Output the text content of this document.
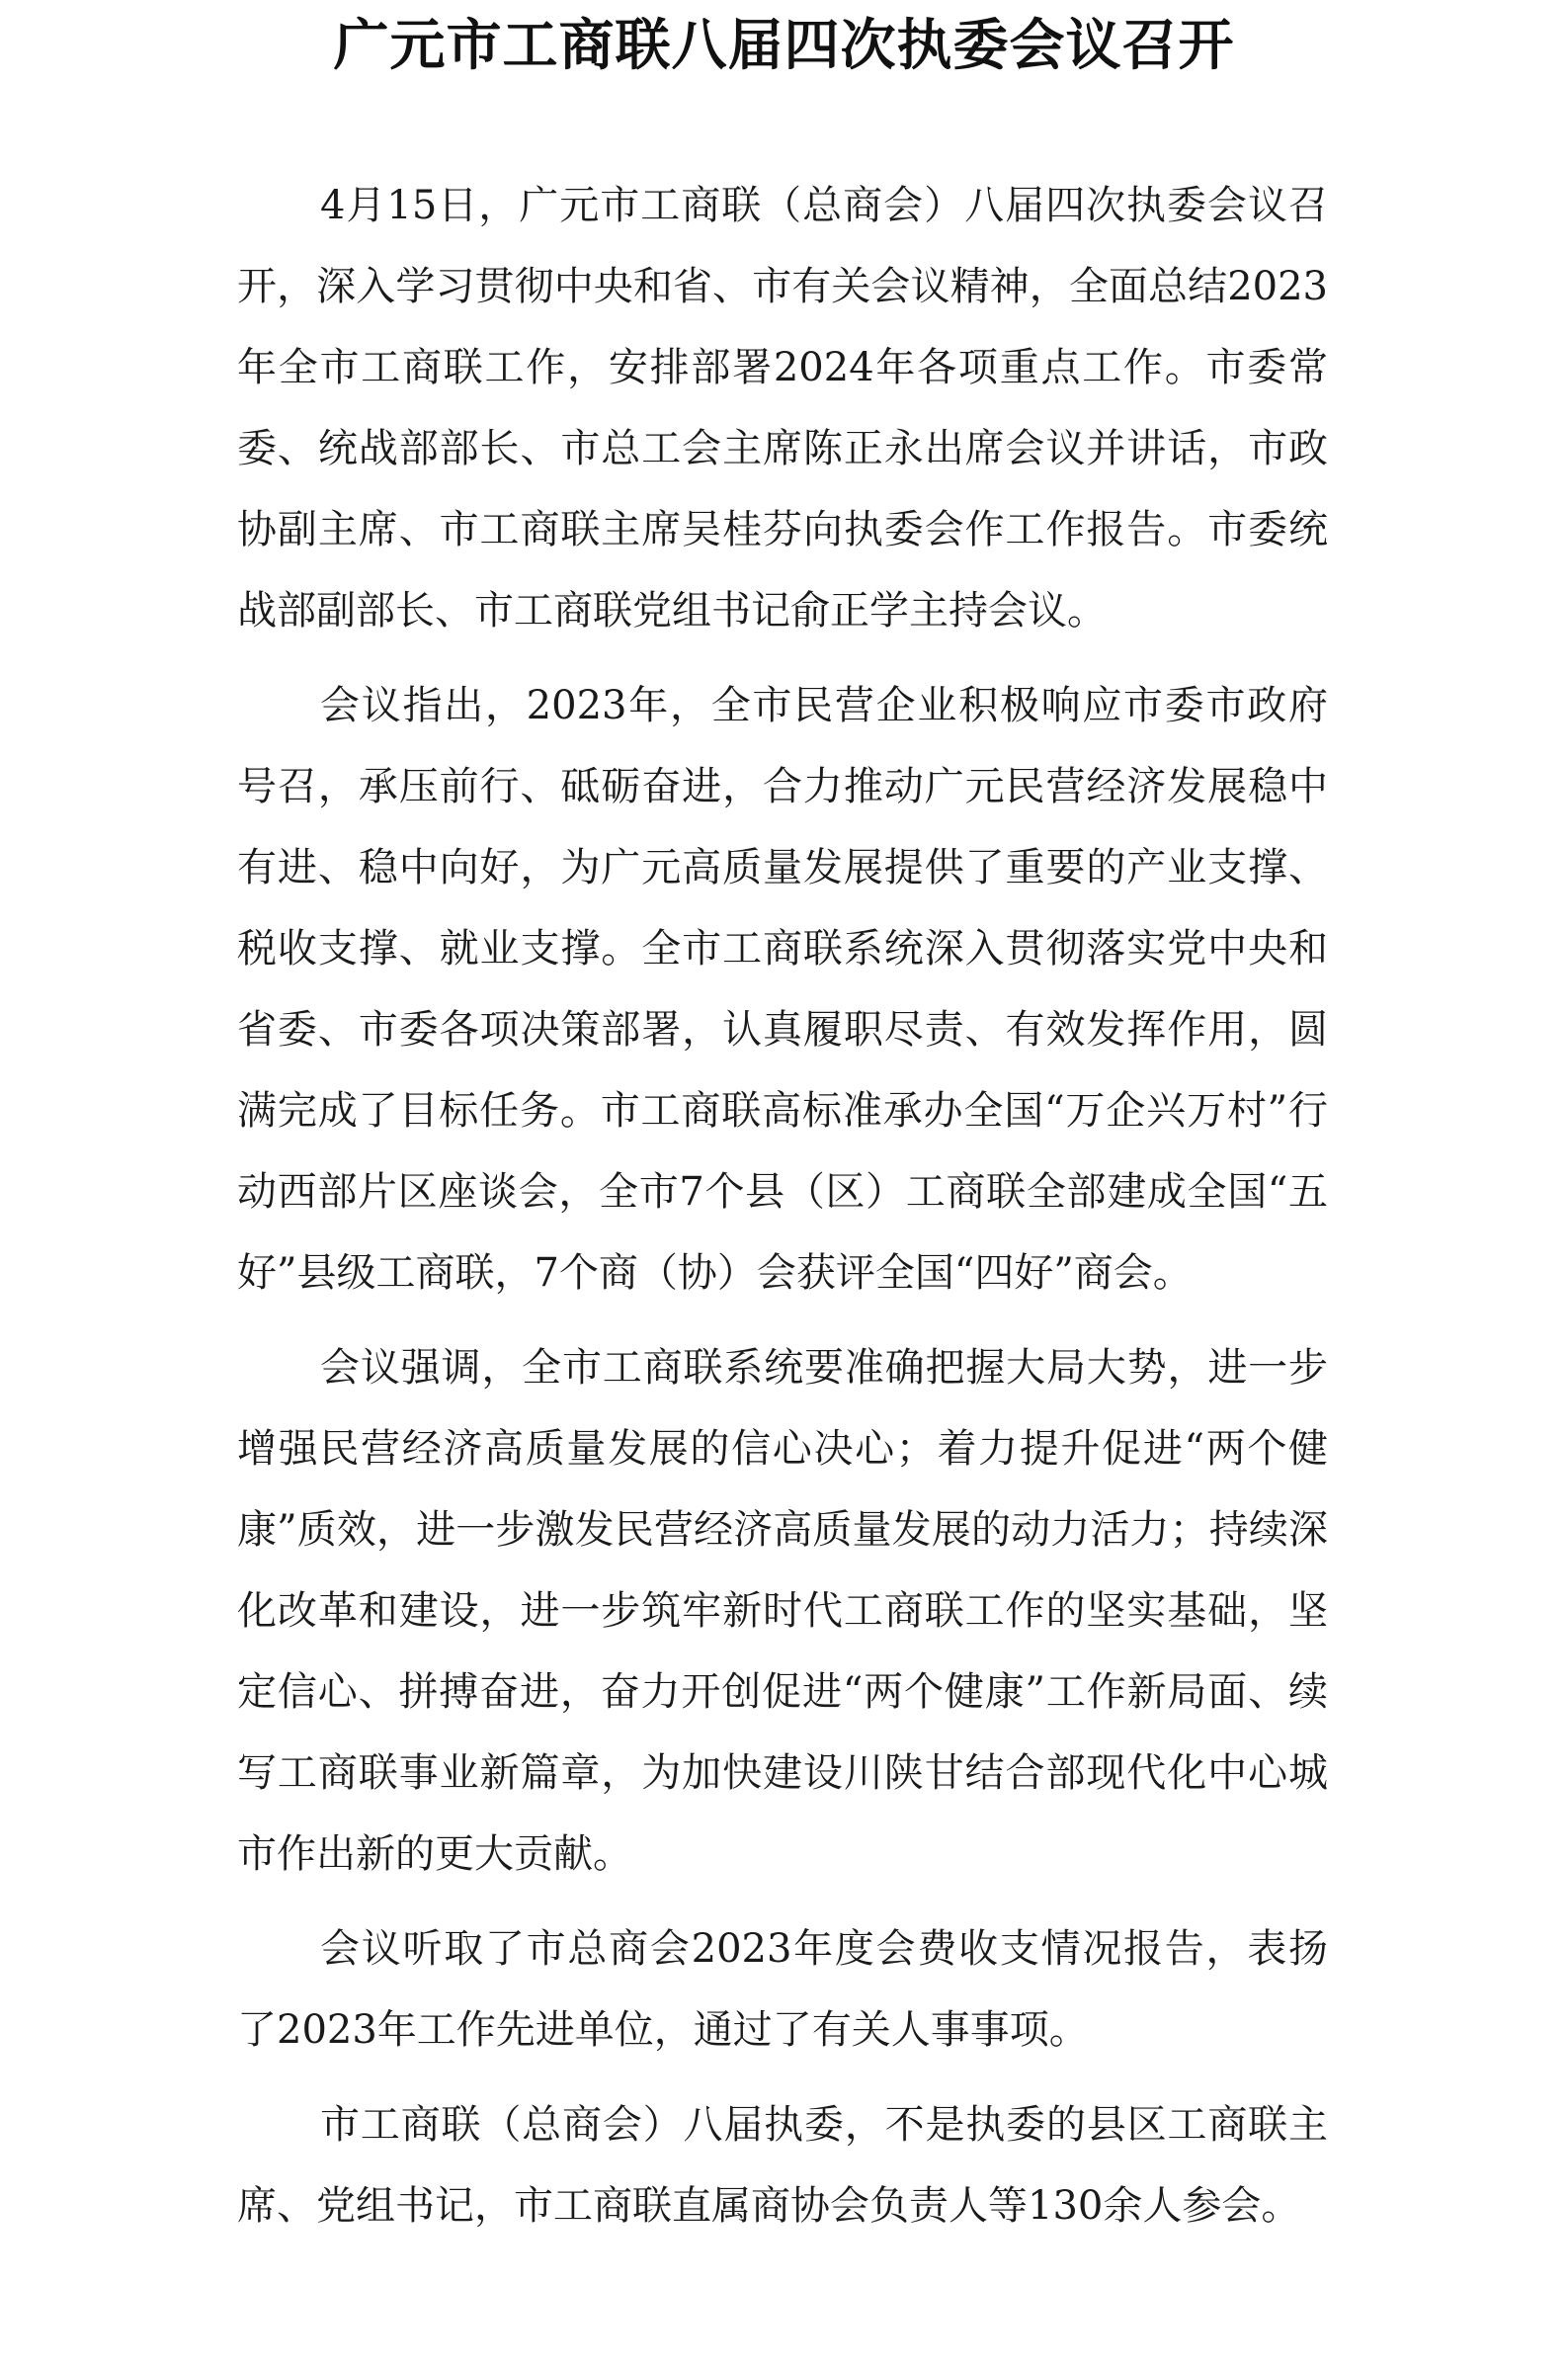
广元市工商联八届四次执委会议召开

4月15日，广元市工商联（总商会）八届四次执委会议召开，深入学习贯彻中央和省、市有关会议精神，全面总结2023年全市工商联工作，安排部署2024年各项重点工作。市委常委、统战部部长、市总工会主席陈正永出席会议并讲话，市政协副主席、市工商联主席吴桂芬向执委会作工作报告。市委统战部副部长、市工商联党组书记俞正学主持会议。

会议指出，2023年，全市民营企业积极响应市委市政府号召，承压前行、砥砺奋进，合力推动广元民营经济发展稳中有进、稳中向好，为广元高质量发展提供了重要的产业支撑、税收支撑、就业支撑。全市工商联系统深入贯彻落实党中央和省委、市委各项决策部署，认真履职尽责、有效发挥作用，圆满完成了目标任务。市工商联高标准承办全国“万企兴万村”行动西部片区座谈会，全市7个县（区）工商联全部建成全国“五好”县级工商联，7个商（协）会获评全国“四好”商会。

会议强调，全市工商联系统要准确把握大局大势，进一步增强民营经济高质量发展的信心决心；着力提升促进“两个健康”质效，进一步激发民营经济高质量发展的动力活力；持续深化改革和建设，进一步筑牢新时代工商联工作的坚实基础，坚定信心、拼搏奋进，奋力开创促进“两个健康”工作新局面、续写工商联事业新篇章，为加快建设川陕甘结合部现代化中心城市作出新的更大贡献。

会议听取了市总商会2023年度会费收支情况报告，表扬了2023年工作先进单位，通过了有关人事事项。

市工商联（总商会）八届执委，不是执委的县区工商联主席、党组书记，市工商联直属商协会负责人等130余人参会。
